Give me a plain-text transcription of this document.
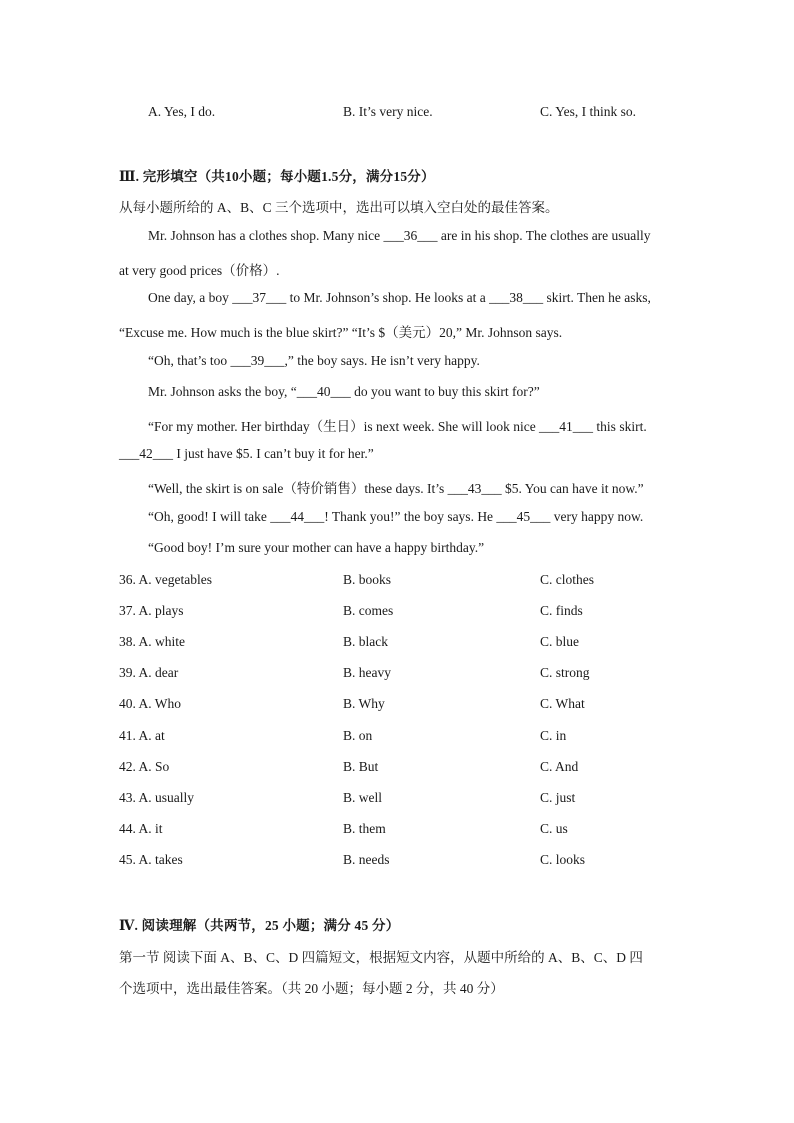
A. Yes, I do.	B. It’s very nice.	C. Yes, I think so.
Ⅲ. 完形填空（共10小题；每小题1.5分，满分15分）
从每小题所给的 A、B、C 三个选项中，选出可以填入空白处的最佳答案。
Mr. Johnson has a clothes shop. Many nice ___36___ are in his shop. The clothes are usually
at very good prices（价格）.
One day, a boy ___37___ to Mr. Johnson’s shop. He looks at a ___38___ skirt. Then he asks,
“Excuse me. How much is the blue skirt?” “It’s $（美元）20,” Mr. Johnson says.
“Oh, that’s too ___39___,” the boy says. He isn’t very happy.
Mr. Johnson asks the boy, “___40___ do you want to buy this skirt for?”
“For my mother. Her birthday（生日）is next week. She will look nice ___41___ this skirt.
___42___ I just have $5. I can’t buy it for her.”
“Well, the skirt is on sale（特价销售）these days. It’s ___43___ $5. You can have it now.”
“Oh, good! I will take ___44___! Thank you!” the boy says. He ___45___ very happy now.
“Good boy! I’m sure your mother can have a happy birthday.”
36. A. vegetables	B. books	C. clothes
37. A. plays	B. comes	C. finds
38. A. white	B. black	C. blue
39. A. dear	B. heavy	C. strong
40. A. Who	B. Why	C. What
41. A. at	B. on	C. in
42. A. So	B. But	C. And
43. A. usually	B. well	C. just
44. A. it	B. them	C. us
45. A. takes	B. needs	C. looks
Ⅳ. 阅读理解（共两节，25 小题；满分 45 分）
第一节 阅读下面 A、B、C、D 四篇短文，根据短文内容，从题中所给的 A、B、C、D 四
个选项中，选出最佳答案。（共 20 小题；每小题 2 分，共 40 分）
